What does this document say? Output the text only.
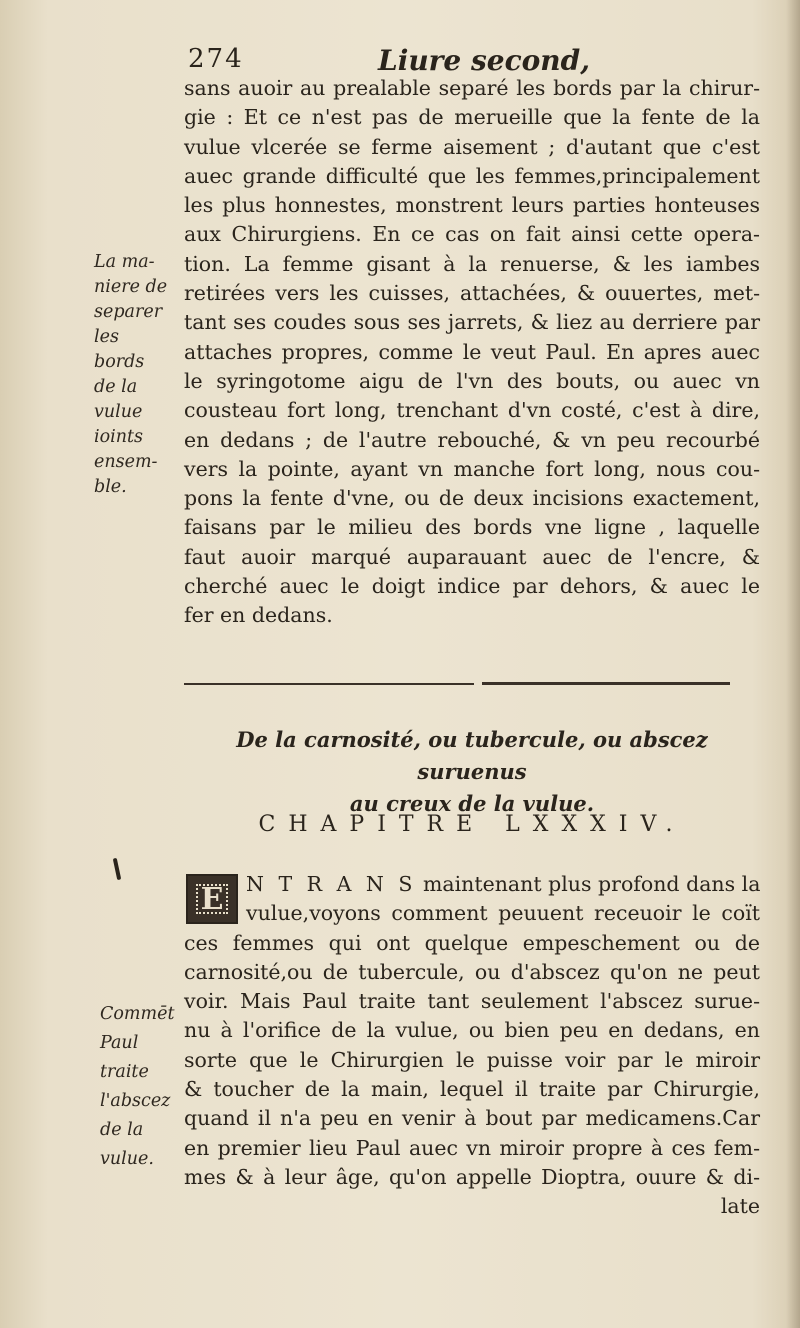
274	Liure second,
sans auoir au prealable separé les bords par la chirur-
gie : Et ce n'est pas de merueille que la fente de la
vulue vlcerée se ferme aisement ; d'autant que c'est
auec grande difficulté que les femmes,principalement
les plus honnestes, monstrent leurs parties honteuses
aux Chirurgiens. En ce cas on fait ainsi cette opera-
tion. La femme gisant à la renuerse, & les iambes
retirées vers les cuisses, attachées, & ouuertes, met-
tant ses coudes sous ses jarrets, & liez au derriere par
attaches propres, comme le veut Paul. En apres auec
le syringotome aigu de l'vn des bouts, ou auec vn
cousteau fort long, trenchant d'vn costé, c'est à dire,
en dedans ; de l'autre rebouché, & vn peu recourbé
vers la pointe, ayant vn manche fort long, nous cou-
pons la fente d'vne, ou de deux incisions exactement,
faisans par le milieu des bords vne ligne , laquelle
faut auoir marqué auparauant auec de l'encre, &
cherché auec le doigt indice par dehors, & auec le
fer en dedans.
La ma-
niere de
separer
les
bords
de la
vulue
ioints
ensem-
ble.
De la carnosité, ou tubercule, ou abscez suruenus
au creux de la vulue.
CHAPITRE LXXXIV.
E	N T R A N S maintenant plus profond dans la
vulue,voyons comment peuuent receuoir le coït
ces femmes qui ont quelque empeschement ou de
carnosité,ou de tubercule, ou d'abscez qu'on ne peut
voir. Mais Paul traite tant seulement l'abscez surue-
nu à l'orifice de la vulue, ou bien peu en dedans, en
sorte que le Chirurgien le puisse voir par le miroir
& toucher de la main, lequel il traite par Chirurgie,
quand il n'a peu en venir à bout par medicamens.Car
en premier lieu Paul auec vn miroir propre à ces fem-
mes & à leur âge, qu'on appelle Dioptra, ouure & di-
late
Commēt
Paul
traite
l'abscez
de la
vulue.
